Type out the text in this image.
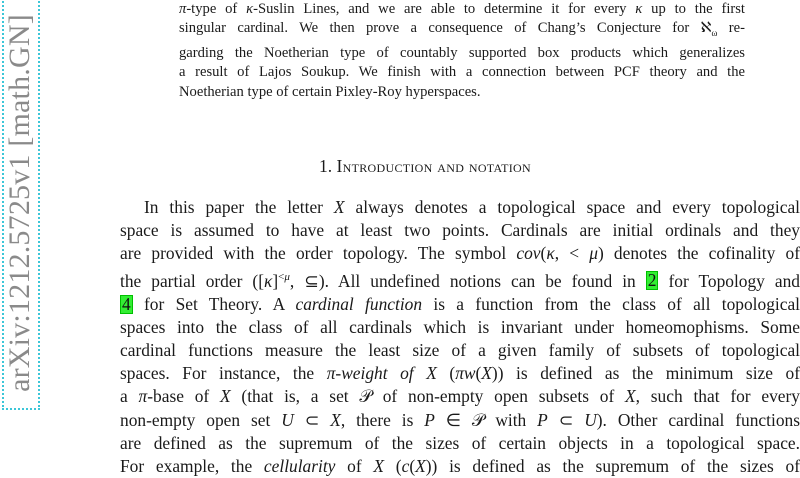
arXiv:1212.5725v1 [math.GN]
π-type of κ-Suslin Lines, and we are able to determine it for every κ up to the first
singular cardinal. We then prove a consequence of Chang’s Conjecture for ℵ$_\omega$ re-
garding the Noetherian type of countably supported box products which generalizes
a result of Lajos Soukup. We finish with a connection between PCF theory and the
Noetherian type of certain Pixley-Roy hyperspaces.
1. Introduction and notation
In this paper the letter X always denotes a topological space and every topological
space is assumed to have at least two points. Cardinals are initial ordinals and they
are provided with the order topology. The symbol cov(κ, < μ) denotes the cofinality of
the partial order ($[\kappa]^{<\mu}$, ⊆). All undefined notions can be found in 2 for Topology and
4 for Set Theory. A cardinal function is a function from the class of all topological
spaces into the class of all cardinals which is invariant under homeomophisms. Some
cardinal functions measure the least size of a given family of subsets of topological
spaces. For instance, the π-weight of X (πw(X)) is defined as the minimum size of
a π-base of X (that is, a set 𝒫 of non-empty open subsets of X, such that for every
non-empty open set U ⊂ X, there is P ∈ 𝒫 with P ⊂ U). Other cardinal functions
are defined as the supremum of the sizes of certain objects in a topological space.
For example, the cellularity of X (c(X)) is defined as the supremum of the sizes of
